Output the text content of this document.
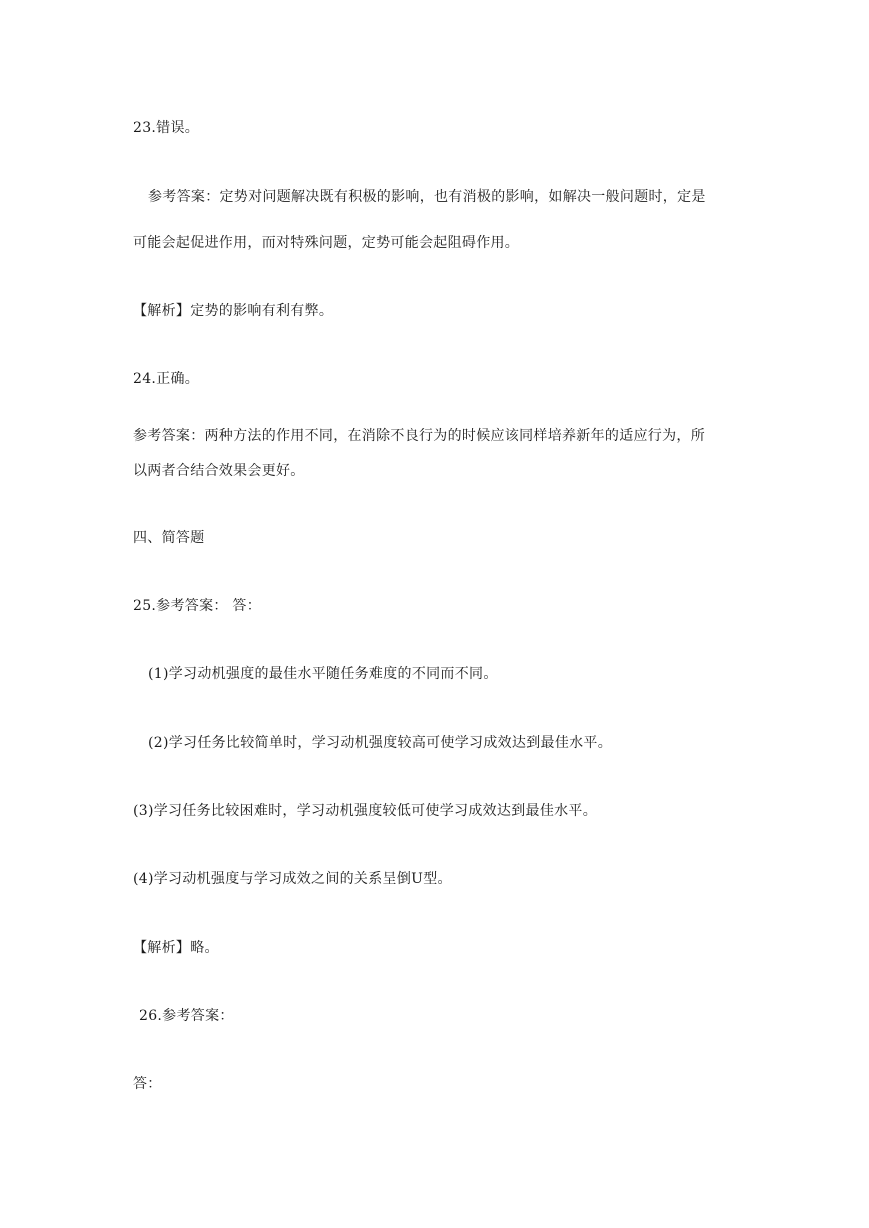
23.错误。
参考答案：定势对问题解决既有积极的影响，也有消极的影响，如解决一般问题时，定是
可能会起促进作用，而对特殊问题，定势可能会起阻碍作用。
【解析】定势的影响有利有弊。
24.正确。
参考答案：两种方法的作用不同，在消除不良行为的时候应该同样培养新年的适应行为，所
以两者合结合效果会更好。
四、简答题
25.参考答案： 答：
(1)学习动机强度的最佳水平随任务难度的不同而不同。
(2)学习任务比较简单时，学习动机强度较高可使学习成效达到最佳水平。
(3)学习任务比较困难时，学习动机强度较低可使学习成效达到最佳水平。
(4)学习动机强度与学习成效之间的关系呈倒U型。
【解析】略。
26.参考答案：
答：
